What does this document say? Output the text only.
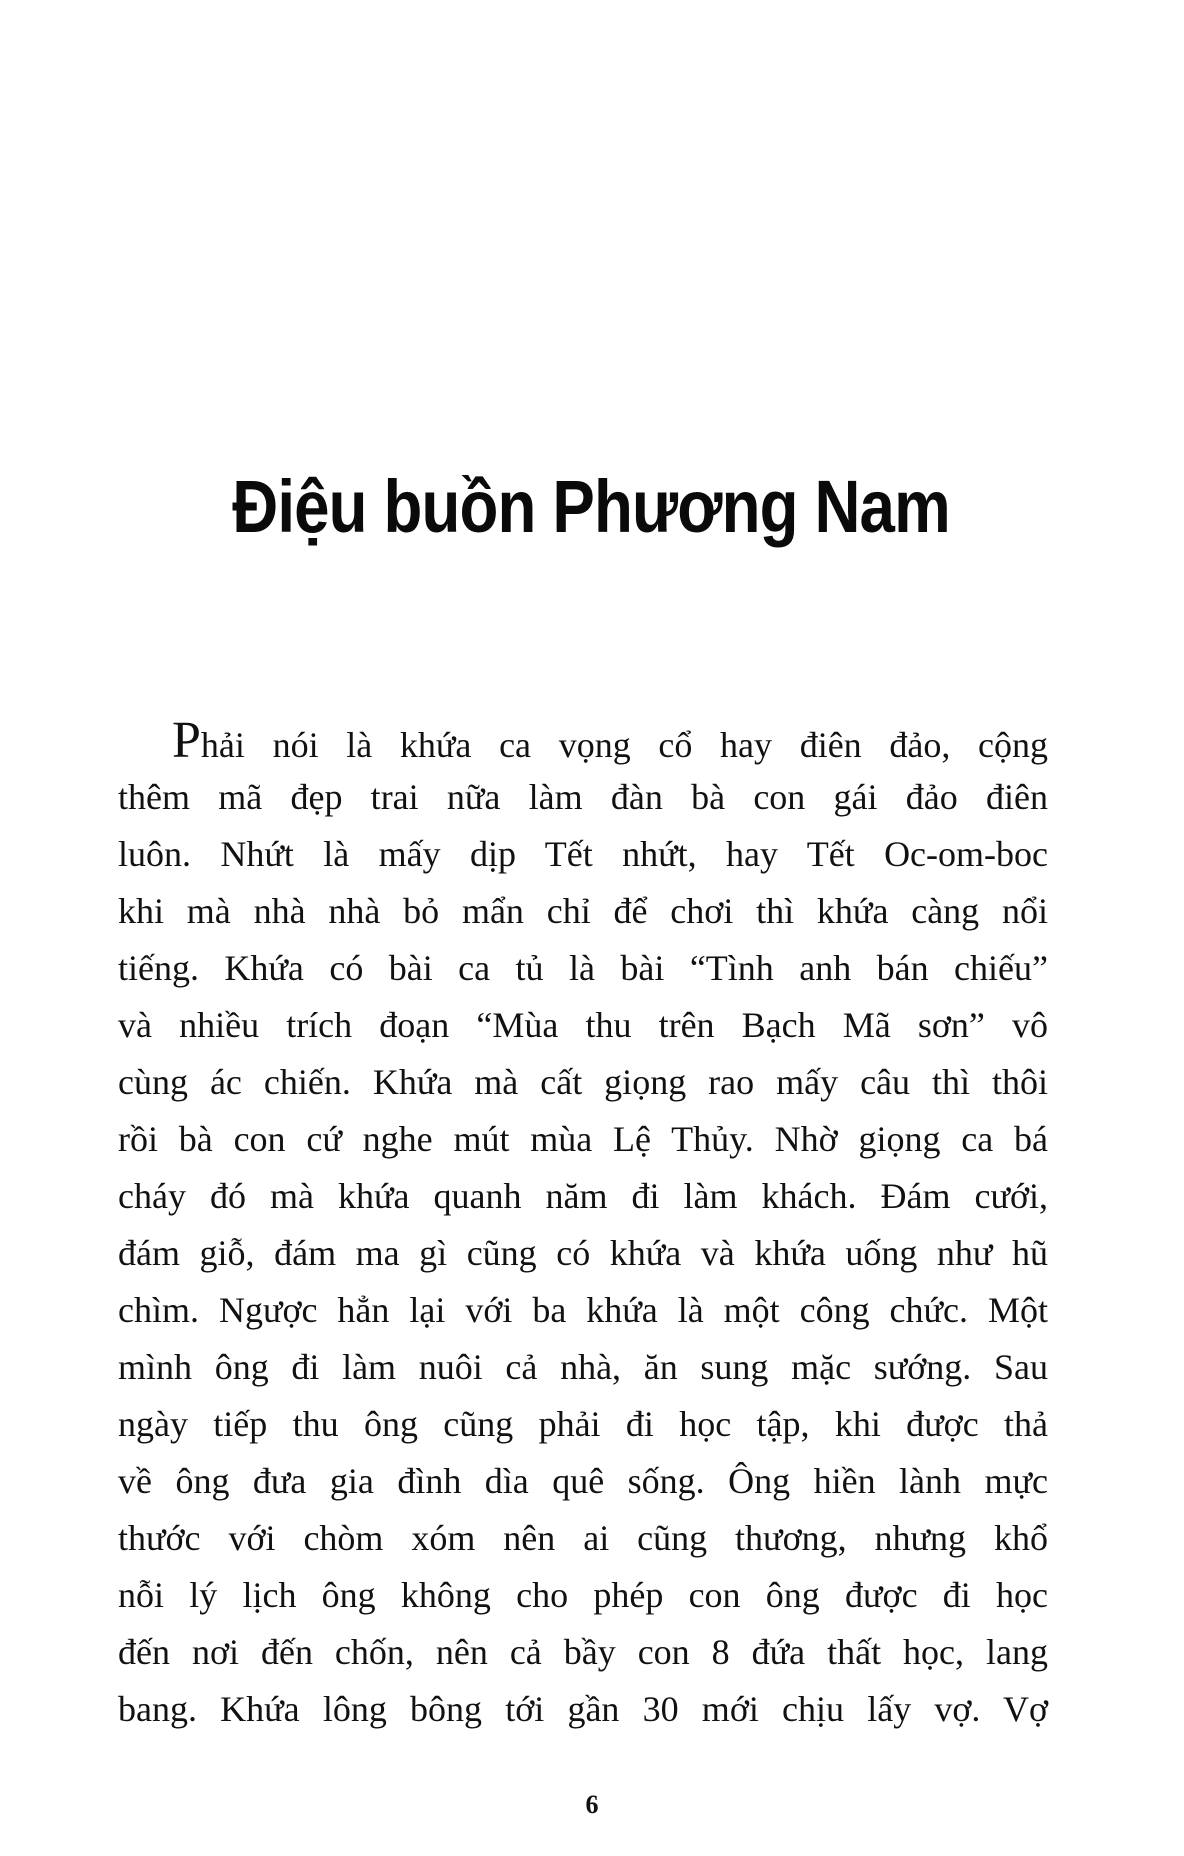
Điệu buồn Phương Nam
Phải nói là khứa ca vọng cổ hay điên đảo, cộng
thêm mã đẹp trai nữa làm đàn bà con gái đảo điên
luôn. Nhứt là mấy dịp Tết nhứt, hay Tết Oc-om-boc
khi mà nhà nhà bỏ mẩn chỉ để chơi thì khứa càng nổi
tiếng. Khứa có bài ca tủ là bài “Tình anh bán chiếu”
và nhiều trích đoạn “Mùa thu trên Bạch Mã sơn” vô
cùng ác chiến. Khứa mà cất giọng rao mấy câu thì thôi
rồi bà con cứ nghe mút mùa Lệ Thủy. Nhờ giọng ca bá
cháy đó mà khứa quanh năm đi làm khách. Đám cưới,
đám giỗ, đám ma gì cũng có khứa và khứa uống như hũ
chìm. Ngược hẳn lại với ba khứa là một công chức. Một
mình ông đi làm nuôi cả nhà, ăn sung mặc sướng. Sau
ngày tiếp thu ông cũng phải đi học tập, khi được thả
về ông đưa gia đình dìa quê sống. Ông hiền lành mực
thước với chòm xóm nên ai cũng thương, nhưng khổ
nỗi lý lịch ông không cho phép con ông được đi học
đến nơi đến chốn, nên cả bầy con 8 đứa thất học, lang
bang. Khứa lông bông tới gần 30 mới chịu lấy vợ. Vợ
6
